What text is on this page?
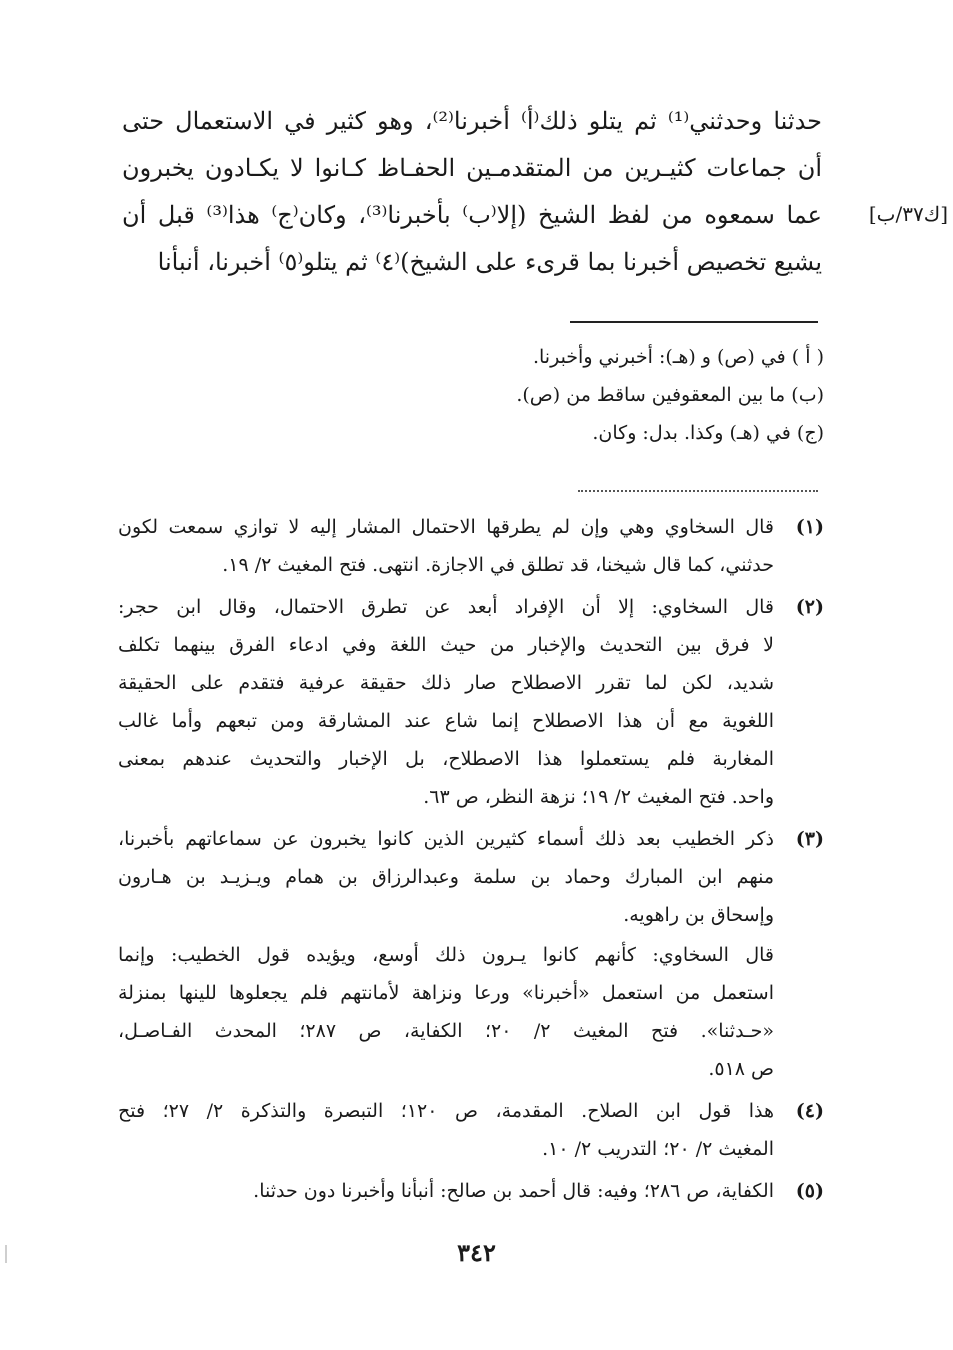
حدثنا وحدثني⁽¹⁾ ثم يتلو ذلك⁽أ⁾ أخبرنا⁽²⁾، وهو كثير في الاستعمال حتى

أن جماعات كثيـرين من المتقدمـين الحفـاظ كـانوا لا يكـادون يخبرون

عما سمعوه من لفظ الشيخ (إلا⁽ب⁾ بأخبرنا⁽³⁾، وكان⁽ج⁾ هذا⁽³⁾ قبل أن

يشيع تخصيص أخبرنا بما قرىء على الشيخ)⁽٤⁾ ثم يتلو⁽٥⁾ أخبرنا، أنبأنا

[ك٣٧/ب]

( أ ) في (ص) و (هـ): أخبرني وأخبرنا.

(ب) ما بين المعقوفين ساقط من (ص).

(ج) في (هـ) وكذا. بدل: وكان.

(١)

قال السخاوي وهي وإن لم يطرقها الاحتمال المشار إليه لا توازي سمعت لكون

حدثني، كما قال شيخنا، قد تطلق في الاجازة. انتهى. فتح المغيث ٢/ ١٩.

(٢)

قال السخاوي: إلا أن الإفراد أبعد عن تطرق الاحتمال، وقال ابن حجر:

لا فرق بين التحديث والإخبار من حيث اللغة وفي ادعاء الفرق بينهما تكلف

شديد، لكن لما تقرر الاصطلاح صار ذلك حقيقة عرفية فتقدم على الحقيقة

اللغوية مع أن هذا الاصطلاح إنما شاع عند المشارقة ومن تبعهم وأما غالب

المغاربة فلم يستعملوا هذا الاصطلاح، بل الإخبار والتحديث عندهم بمعنى

واحد. فتح المغيث ٢/ ١٩؛ نزهة النظر، ص ٦٣.

(٣)

ذكر الخطيب بعد ذلك أسماء كثيرين الذين كانوا يخبرون عن سماعاتهم بأخبرنا،

منهم ابن المبارك وحماد بن سلمة وعبدالرزاق بن همام ويـزيـد بن هـارون

وإسحاق بن راهويه.

قال السخاوي: كأنهم كانوا يـرون ذلك أوسع، ويؤيده قول الخطيب: وإنما

استعمل من استعمل «أخبرنا» ورعا ونزاهة لأمانتهم فلم يجعلوها للينها بمنزلة

«حـدثنا». فتح المغيث ٢/ ٢٠؛ الكفاية، ص ٢٨٧؛ المحدث الفـاصـل،

ص ٥١٨.

(٤)

هذا قول ابن الصلاح. المقدمة، ص ١٢٠؛ التبصرة والتذكرة ٢/ ٢٧؛ فتح

المغيث ٢/ ٢٠؛ التدريب ٢/ ١٠.

(٥)

الكفاية، ص ٢٨٦؛ وفيه: قال أحمد بن صالح: أنبأنا وأخبرنا دون حدثنا.

٣٤٢
